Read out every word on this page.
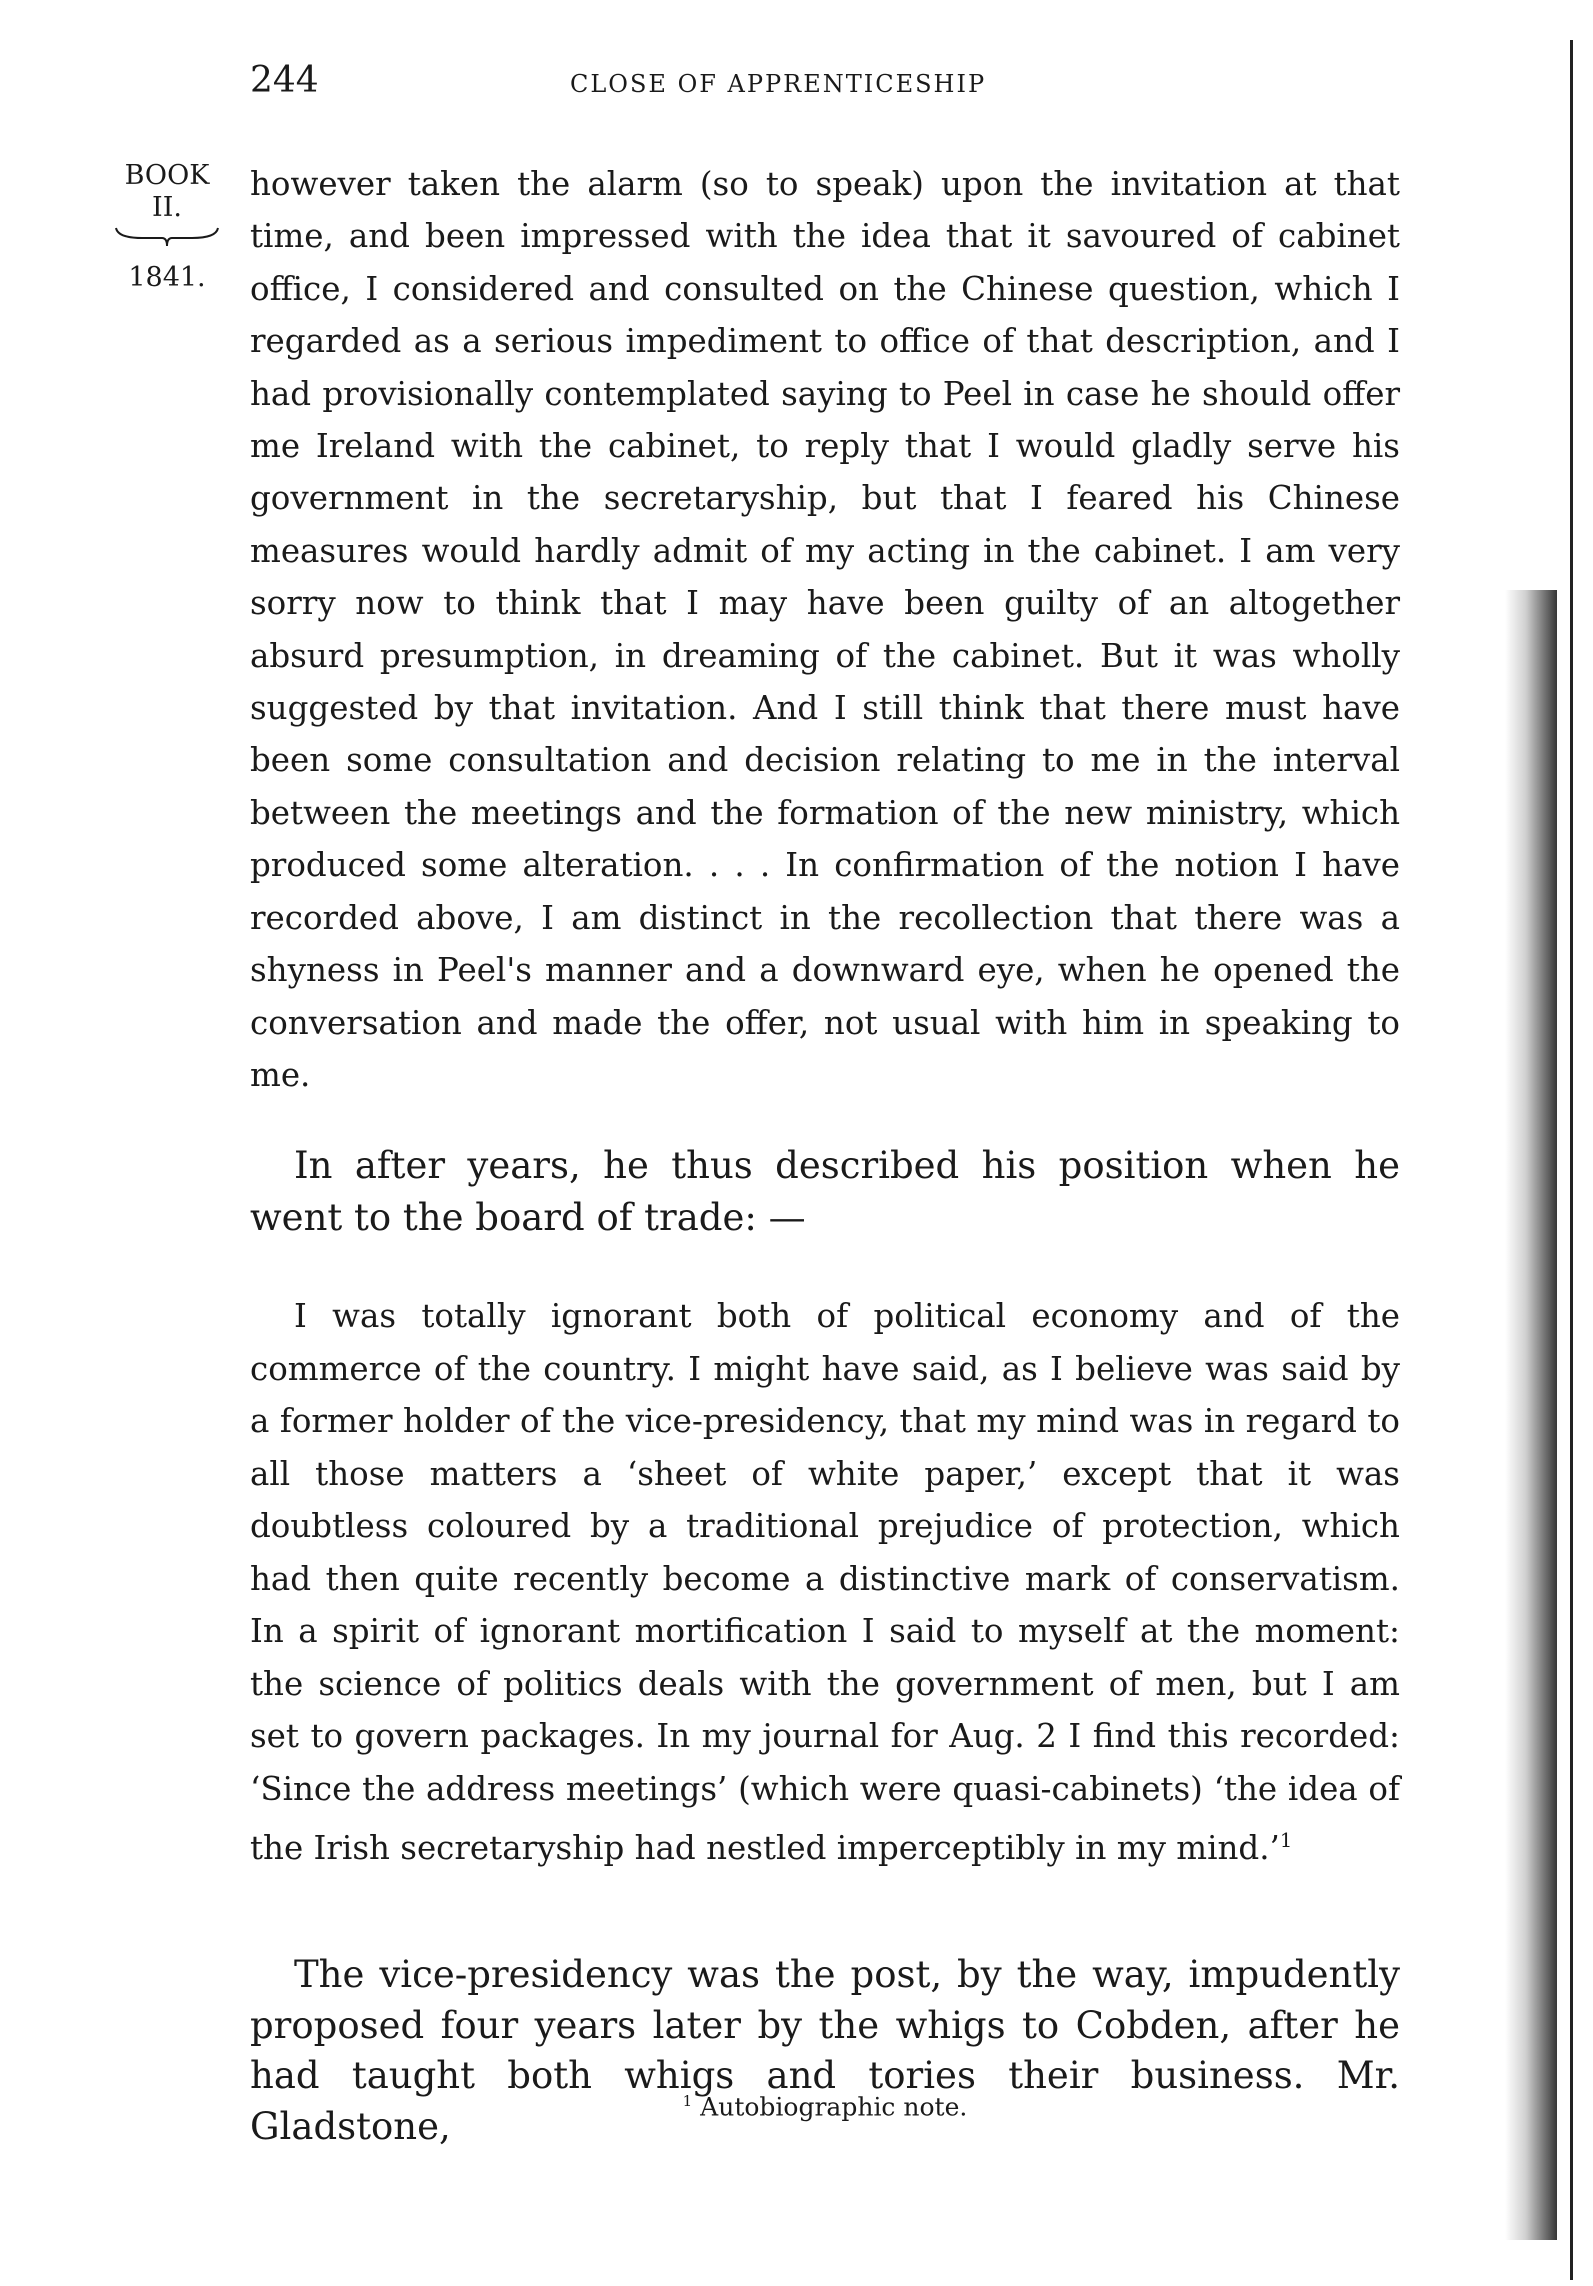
244	CLOSE OF APPRENTICESHIP
BOOK
II.
1841.

however taken the alarm (so to speak) upon the invitation at that time, and been impressed with the idea that it savoured of cabinet office, I considered and consulted on the Chinese question, which I regarded as a serious impediment to office of that description, and I had provisionally contemplated saying to Peel in case he should offer me Ireland with the cabinet, to reply that I would gladly serve his government in the secretaryship, but that I feared his Chinese measures would hardly admit of my acting in the cabinet. I am very sorry now to think that I may have been guilty of an altogether absurd presumption, in dreaming of the cabinet. But it was wholly suggested by that invitation. And I still think that there must have been some consultation and decision relating to me in the interval between the meetings and the formation of the new ministry, which produced some alteration. . . . In confirmation of the notion I have recorded above, I am distinct in the recollection that there was a shyness in Peel's manner and a downward eye, when he opened the conversation and made the offer, not usual with him in speaking to me.

In after years, he thus described his position when he went to the board of trade: —

I was totally ignorant both of political economy and of the commerce of the country. I might have said, as I believe was said by a former holder of the vice-presidency, that my mind was in regard to all those matters a ‘sheet of white paper,’ except that it was doubtless coloured by a traditional prejudice of protection, which had then quite recently become a distinctive mark of conservatism. In a spirit of ignorant mortification I said to myself at the moment: the science of politics deals with the government of men, but I am set to govern packages. In my journal for Aug. 2 I find this recorded: ‘Since the address meetings’ (which were quasi-cabinets) ‘the idea of the Irish secretaryship had nestled imperceptibly in my mind.’$^1$

The vice-presidency was the post, by the way, impudently proposed four years later by the whigs to Cobden, after he had taught both whigs and tories their business. Mr. Gladstone,

$^1$ Autobiographic note.
